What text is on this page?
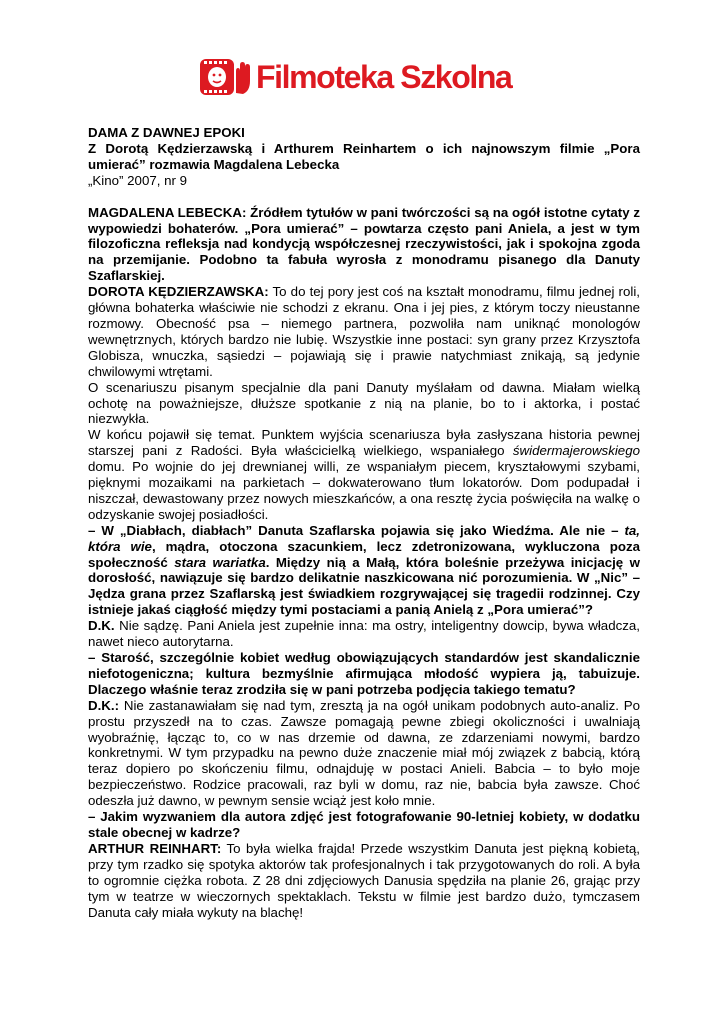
Filmoteka Szkolna

DAMA Z DAWNEJ EPOKI

Z Dorotą Kędzierzawską i Arthurem Reinhartem o ich najnowszym filmie „Pora umierać” rozmawia Magdalena Lebecka

„Kino” 2007, nr 9

MAGDALENA LEBECKA: Źródłem tytułów w pani twórczości są na ogół istotne cytaty z wypowiedzi bohaterów. „Pora umierać” – powtarza często pani Aniela, a jest w tym filozoficzna refleksja nad kondycją współczesnej rzeczywistości, jak i spokojna zgoda na przemijanie. Podobno ta fabuła wyrosła z monodramu pisanego dla Danuty Szaflarskiej.

DOROTA KĘDZIERZAWSKA: To do tej pory jest coś na kształt monodramu, filmu jednej roli, główna bohaterka właściwie nie schodzi z ekranu. Ona i jej pies, z którym toczy nieustanne rozmowy. Obecność psa – niemego partnera, pozwoliła nam uniknąć monologów wewnętrznych, których bardzo nie lubię. Wszystkie inne postaci: syn grany przez Krzysztofa Globisza, wnuczka, sąsiedzi – pojawiają się i prawie natychmiast znikają, są jedynie chwilowymi wtrętami.

O scenariuszu pisanym specjalnie dla pani Danuty myślałam od dawna. Miałam wielką ochotę na poważniejsze, dłuższe spotkanie z nią na planie, bo to i aktorka, i postać niezwykła.

W końcu pojawił się temat. Punktem wyjścia scenariusza była zasłyszana historia pewnej starszej pani z Radości. Była właścicielką wielkiego, wspaniałego świdermajerowskiego domu. Po wojnie do jej drewnianej willi, ze wspaniałym piecem, kryształowymi szybami, pięknymi mozaikami na parkietach – dokwaterowano tłum lokatorów. Dom podupadał i niszczał, dewastowany przez nowych mieszkańców, a ona resztę życia poświęciła na walkę o odzyskanie swojej posiadłości.

– W „Diabłach, diabłach” Danuta Szaflarska pojawia się jako Wiedźma. Ale nie – ta, która wie, mądra, otoczona szacunkiem, lecz zdetronizowana, wykluczona poza społeczność stara wariatka. Między nią a Małą, która boleśnie przeżywa inicjację w dorosłość, nawiązuje się bardzo delikatnie naszkicowana nić porozumienia. W „Nic” – Jędza grana przez Szaflarską jest świadkiem rozgrywającej się tragedii rodzinnej. Czy istnieje jakaś ciągłość między tymi postaciami a panią Anielą z „Pora umierać”?

D.K. Nie sądzę. Pani Aniela jest zupełnie inna: ma ostry, inteligentny dowcip, bywa władcza, nawet nieco autorytarna.

– Starość, szczególnie kobiet według obowiązujących standardów jest skandalicznie niefotogeniczna; kultura bezmyślnie afirmująca młodość wypiera ją, tabuizuje. Dlaczego właśnie teraz zrodziła się w pani potrzeba podjęcia takiego tematu?

D.K.: Nie zastanawiałam się nad tym, zresztą ja na ogół unikam podobnych auto-analiz. Po prostu przyszedł na to czas. Zawsze pomagają pewne zbiegi okoliczności i uwalniają wyobraźnię, łącząc to, co w nas drzemie od dawna, ze zdarzeniami nowymi, bardzo konkretnymi. W tym przypadku na pewno duże znaczenie miał mój związek z babcią, którą teraz dopiero po skończeniu filmu, odnajduję w postaci Anieli. Babcia – to było moje bezpieczeństwo. Rodzice pracowali, raz byli w domu, raz nie, babcia była zawsze. Choć odeszła już dawno, w pewnym sensie wciąż jest koło mnie.

– Jakim wyzwaniem dla autora zdjęć jest fotografowanie 90-letniej kobiety, w dodatku stale obecnej w kadrze?

ARTHUR REINHART: To była wielka frajda! Przede wszystkim Danuta jest piękną kobietą, przy tym rzadko się spotyka aktorów tak profesjonalnych i tak przygotowanych do roli. A była to ogromnie ciężka robota. Z 28 dni zdjęciowych Danusia spędziła na planie 26, grając przy tym w teatrze w wieczornych spektaklach. Tekstu w filmie jest bardzo dużo, tymczasem Danuta cały miała wykuty na blachę!
